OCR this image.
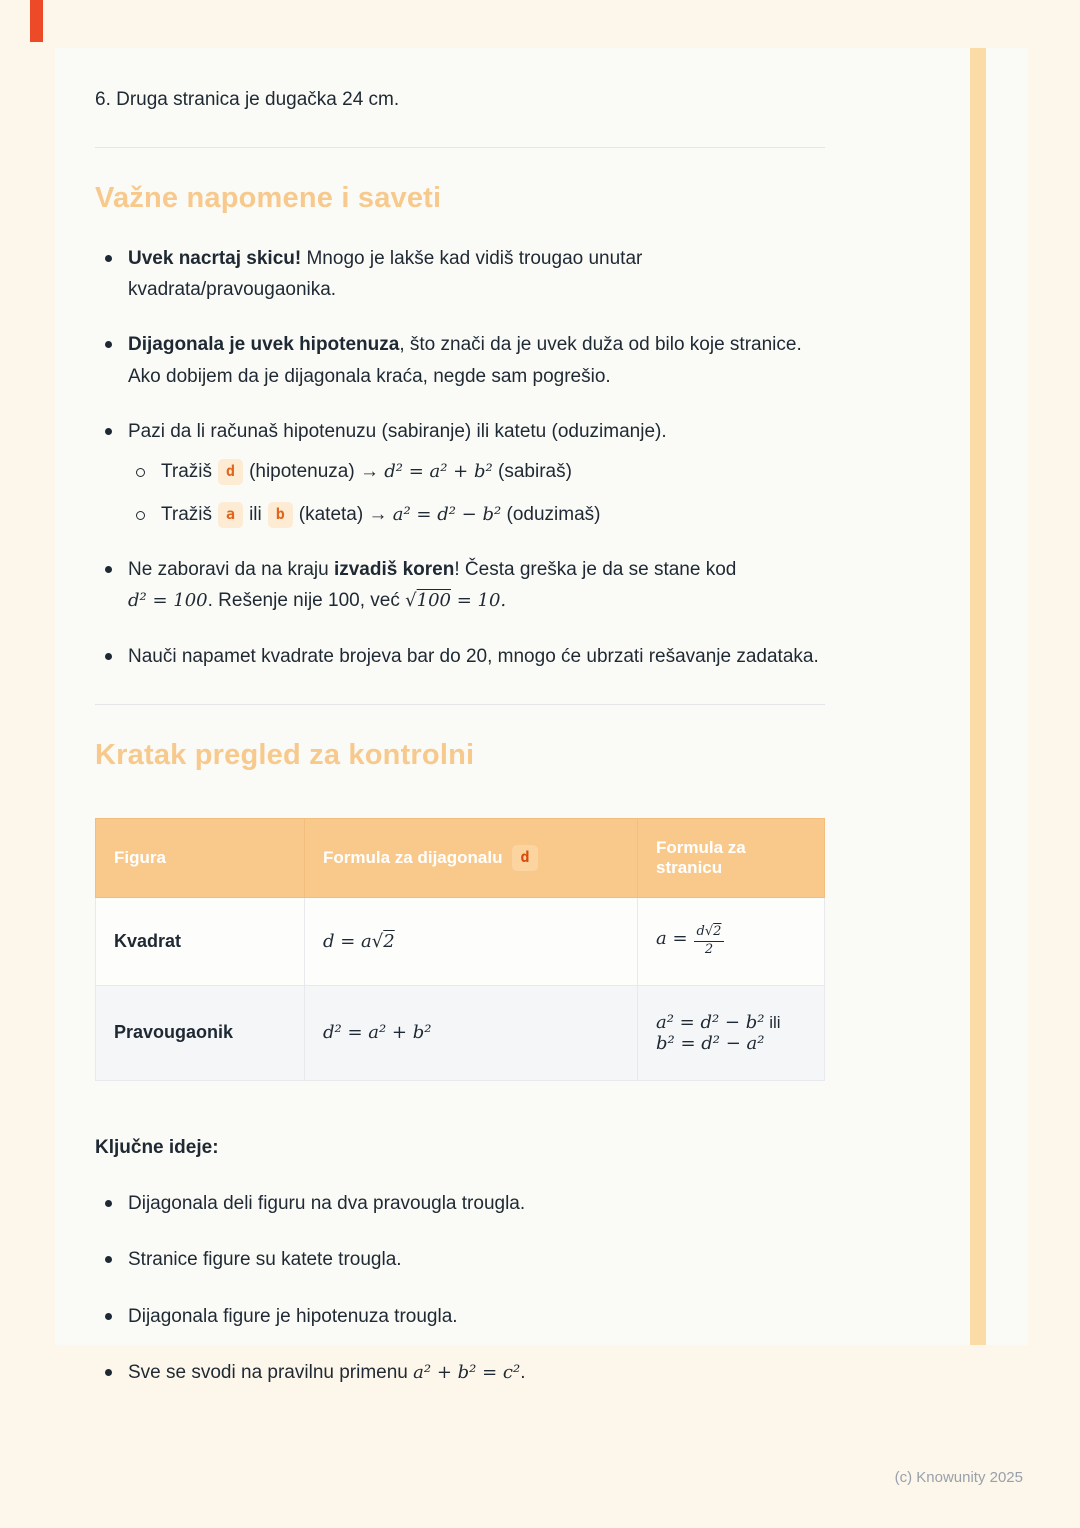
6. Druga stranica je dugačka 24 cm.

Važne napomene i saveti
Uvek nacrtaj skicu! Mnogo je lakše kad vidiš trougao unutar kvadrata/pravougaonika.
Dijagonala je uvek hipotenuza, što znači da je uvek duža od bilo koje stranice. Ako dobijem da je dijagonala kraća, negde sam pogrešio.
Pazi da li računaš hipotenuzu (sabiranje) ili katetu (oduzimanje).
Tražiš d (hipotenuza) → d² = a² + b² (sabiraš)
Tražiš a ili b (kateta) → a² = d² − b² (oduzimaš)
Ne zaboravi da na kraju izvadiš koren! Česta greška je da se stane kod d² = 100. Rešenje nije 100, već √100 = 10.
Nauči napamet kvadrate brojeva bar do 20, mnogo će ubrzati rešavanje zadataka.
Kratak pregled za kontrolni
Figura	Formula za dijagonalu d	Formula za stranicu
Kvadrat	d = a√2	$a = \frac{d√2}{2}$

Pravougaonik	d² = a² + b²	a² = d² − b² ili b² = d² − a²

Ključne ideje:

Dijagonala deli figuru na dva pravougla trougla.
Stranice figure su katete trougla.
Dijagonala figure je hipotenuza trougla.
Sve se svodi na pravilnu primenu a² + b² = c².
(c) Knowunity 2025
